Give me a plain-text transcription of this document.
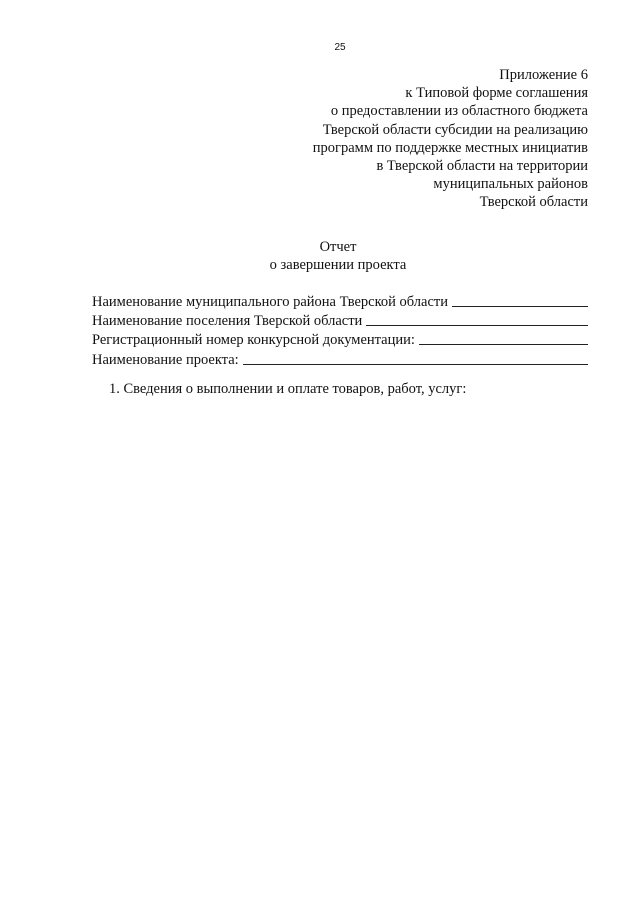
25
Приложение 6
к Типовой форме соглашения
о предоставлении из областного бюджета
Тверской области субсидии на реализацию
программ по поддержке местных инициатив
в Тверской области на территории
муниципальных районов
Тверской области
Отчет
о завершении проекта
Наименование муниципального района Тверской области
Наименование поселения Тверской области
Регистрационный номер конкурсной документации:
Наименование проекта:
1. Сведения о выполнении и оплате товаров, работ, услуг:
